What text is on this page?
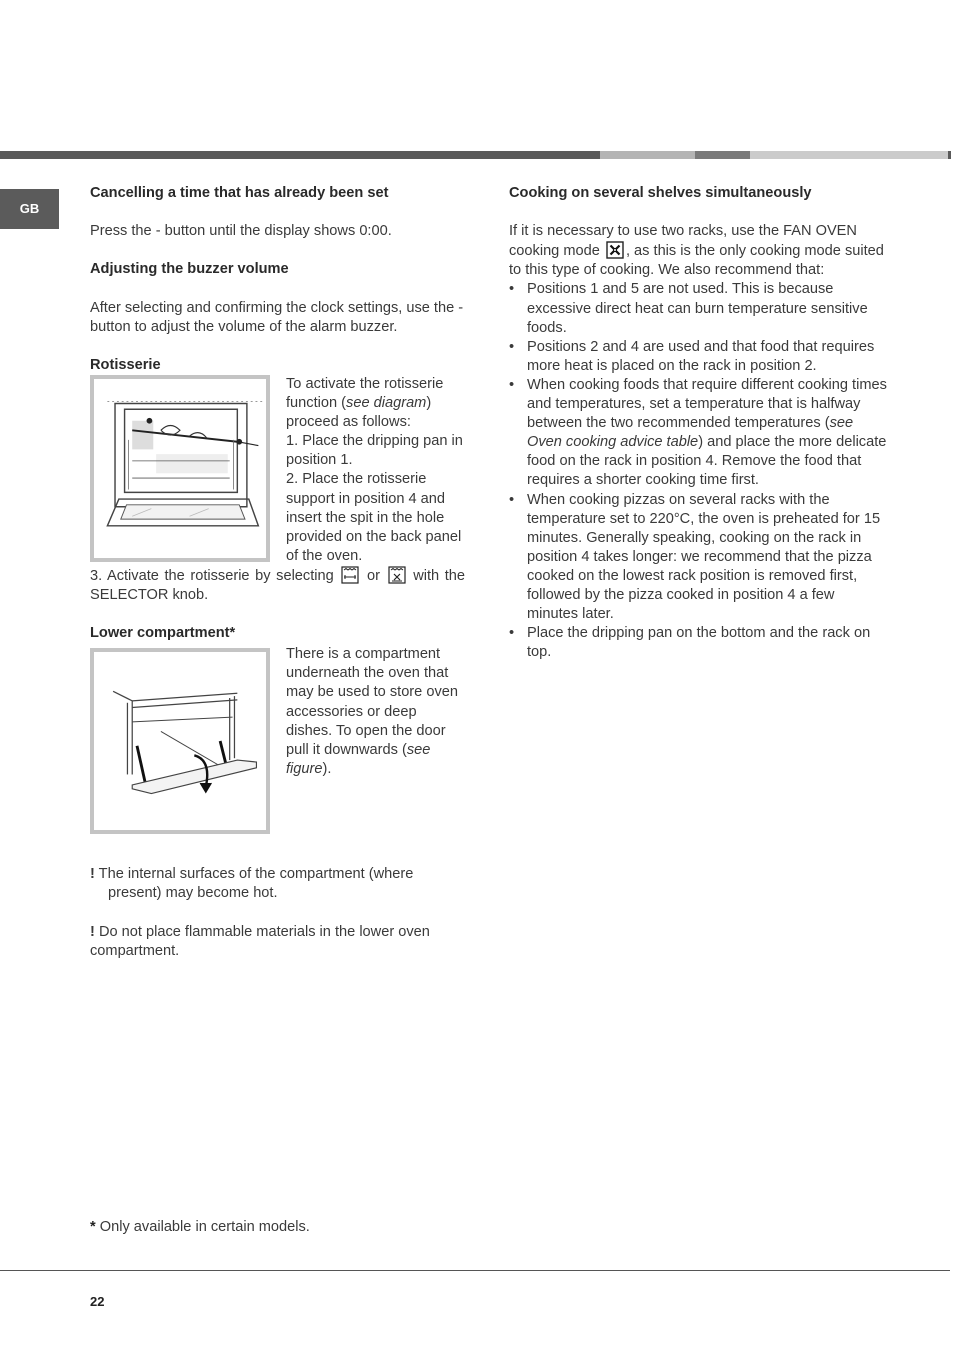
GB
Cancelling a time that has already been set

Press the - button until the display shows 0:00.

Adjusting the buzzer volume

After selecting and confirming the clock settings, use the - button to adjust the volume of the alarm buzzer.

Rotisserie

To activate the rotisserie function (see diagram) proceed as follows:

1. Place the dripping pan in position 1.

2. Place the rotisserie support in position 4 and insert the spit in the hole provided on the back panel of the oven.

3. Activate the rotisserie by selecting or with the SELECTOR knob.

Lower compartment*

There is a compartment underneath the oven that may be used to store oven accessories or deep dishes. To open the door pull it downwards (see figure).

! The internal surfaces of the compartment (where present) may become hot.

! Do not place flammable materials in the lower oven compartment.

Cooking on several shelves simultaneously

If it is necessary to use two racks, use the FAN OVEN cooking mode , as this is the only cooking mode suited to this type of cooking. We also recommend that:

• Positions 1 and 5 are not used. This is because excessive direct heat can burn temperature sensitive foods.
• Positions 2 and 4 are used and that food that requires more heat is placed on the rack in position 2.
• When cooking foods that require different cooking times and temperatures, set a temperature that is halfway between the two recommended temperatures (see Oven cooking advice table) and place the more delicate food on the rack in position 4. Remove the food that requires a shorter cooking time first.
• When cooking pizzas on several racks with the temperature set to 220°C, the oven is preheated for 15 minutes. Generally speaking, cooking on the rack in position 4 takes longer: we recommend that the pizza cooked on the lowest rack position is removed first, followed by the pizza cooked in position 4 a few minutes later.
• Place the dripping pan on the bottom and the rack on top.

* Only available in certain models.

22
